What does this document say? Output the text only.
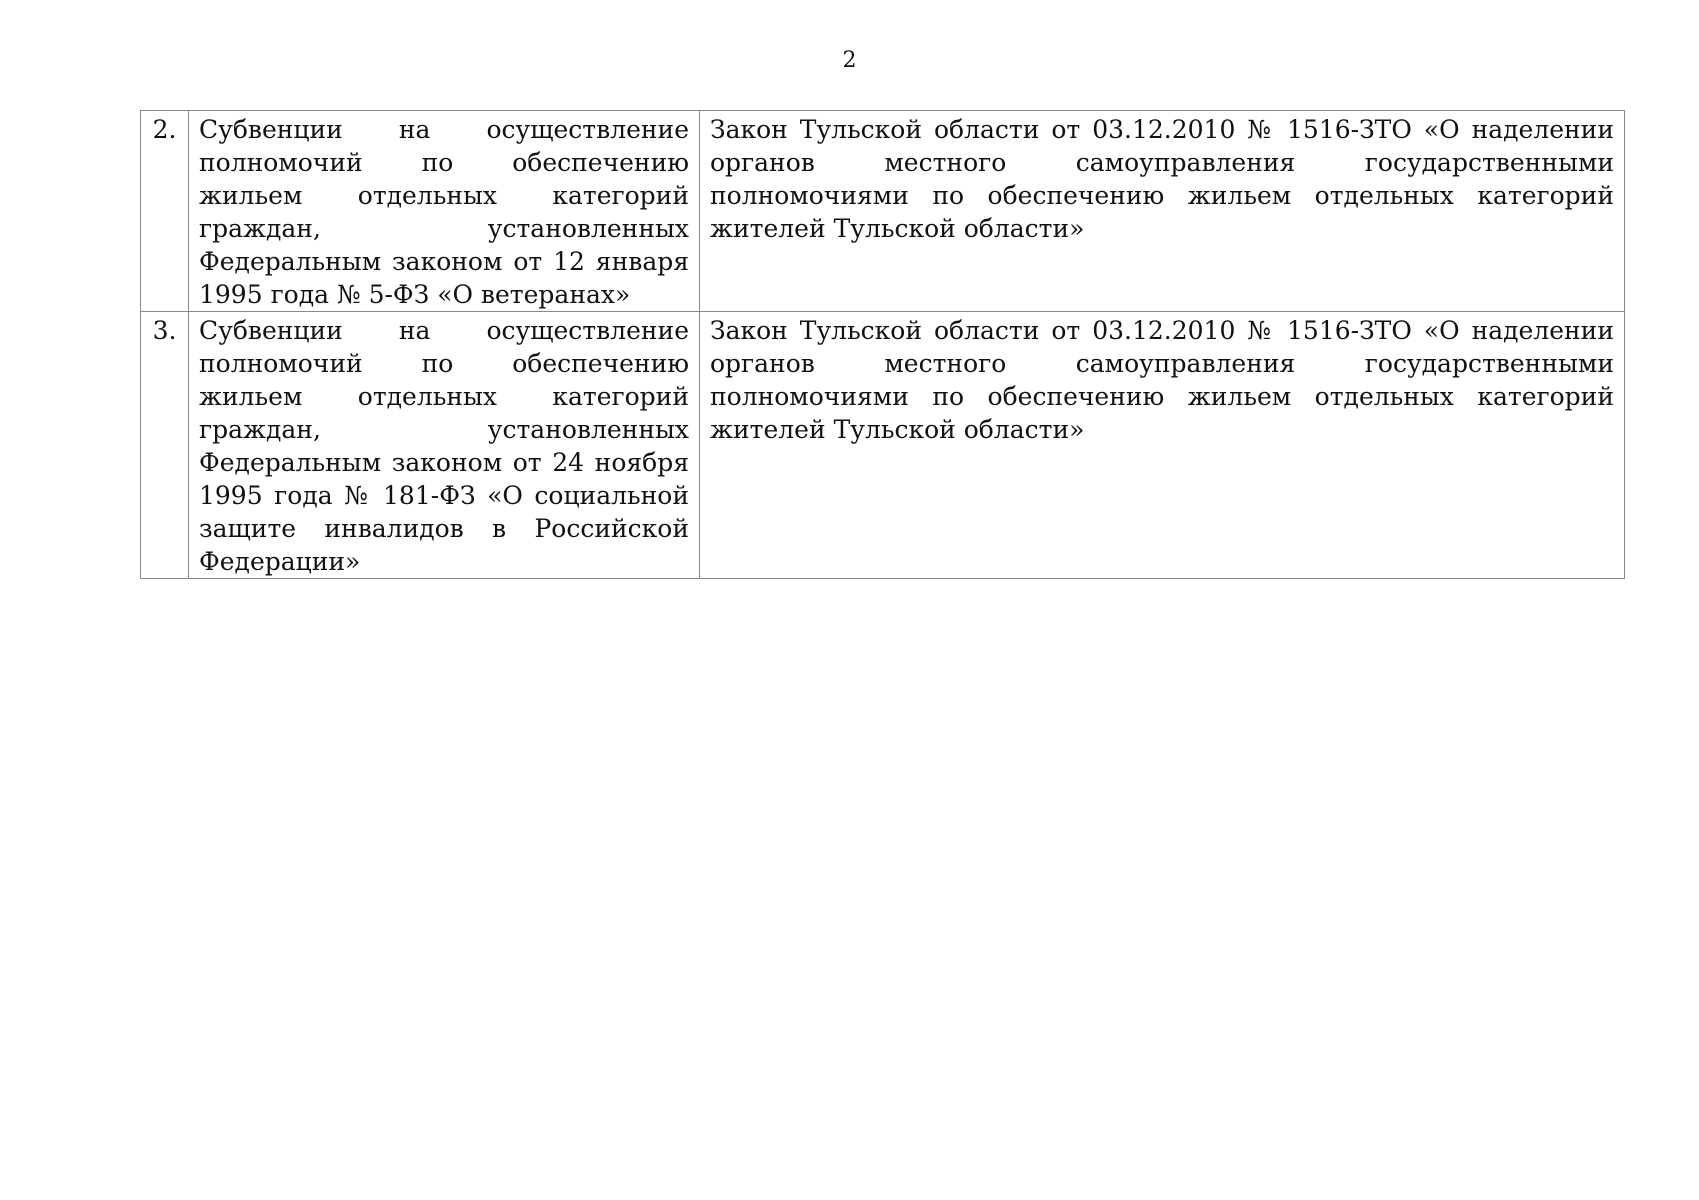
2
2.	Субвенции на осуществление полномочий по обеспечению жильем отдельных категорий граждан, установленных Федеральным законом от 12 января 1995 года № 5-ФЗ «О ветеранах»	Закон Тульской области от 03.12.2010 № 1516-ЗТО «О наделении органов местного самоуправления государственными полномочиями по обеспечению жильем отдельных категорий жителей Тульской области»
3.	Субвенции на осуществление полномочий по обеспечению жильем отдельных категорий граждан, установленных Федеральным законом от 24 ноября 1995 года № 181-ФЗ «О социальной защите инвалидов в Российской Федерации»	Закон Тульской области от 03.12.2010 № 1516-ЗТО «О наделении органов местного самоуправления государственными полномочиями по обеспечению жильем отдельных категорий жителей Тульской области»
